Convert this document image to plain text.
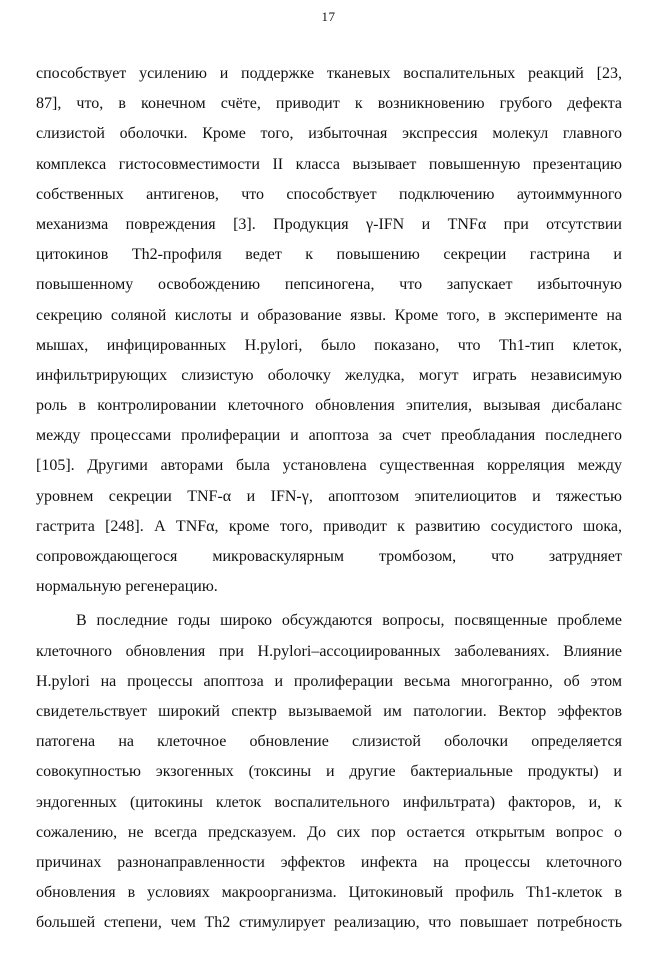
17
способствует усилению и поддержке тканевых воспалительных реакций [23,
87], что, в конечном счёте, приводит к возникновению грубого дефекта
слизистой оболочки. Кроме того, избыточная экспрессия молекул главного
комплекса гистосовместимости II класса вызывает повышенную презентацию
собственных антигенов, что способствует подключению аутоиммунного
механизма повреждения [3]. Продукция γ-IFN и TNFα при отсутствии
цитокинов Th2-профиля ведет к повышению секреции гастрина и
повышенному освобождению пепсиногена, что запускает избыточную
секрецию соляной кислоты и образование язвы. Кроме того, в эксперименте на
мышах, инфицированных H.pylori, было показано, что Th1-тип клеток,
инфильтрирующих слизистую оболочку желудка, могут играть независимую
роль в контролировании клеточного обновления эпителия, вызывая дисбаланс
между процессами пролиферации и апоптоза за счет преобладания последнего
[105]. Другими авторами была установлена существенная корреляция между
уровнем секреции TNF-α и IFN-γ, апоптозом эпителиоцитов и тяжестью
гастрита [248]. А TNFα, кроме того, приводит к развитию сосудистого шока,
сопровождающегося микроваскулярным тромбозом, что затрудняет
нормальную регенерацию.
В последние годы широко обсуждаются вопросы, посвященные проблеме
клеточного обновления при H.pylori–ассоциированных заболеваниях. Влияние
H.pylori на процессы апоптоза и пролиферации весьма многогранно, об этом
свидетельствует широкий спектр вызываемой им патологии. Вектор эффектов
патогена на клеточное обновление слизистой оболочки определяется
совокупностью экзогенных (токсины и другие бактериальные продукты) и
эндогенных (цитокины клеток воспалительного инфильтрата) факторов, и, к
сожалению, не всегда предсказуем. До сих пор остается открытым вопрос о
причинах разнонаправленности эффектов инфекта на процессы клеточного
обновления в условиях макроорганизма. Цитокиновый профиль Th1-клеток в
большей степени, чем Th2 стимулирует реализацию, что повышает потребность
